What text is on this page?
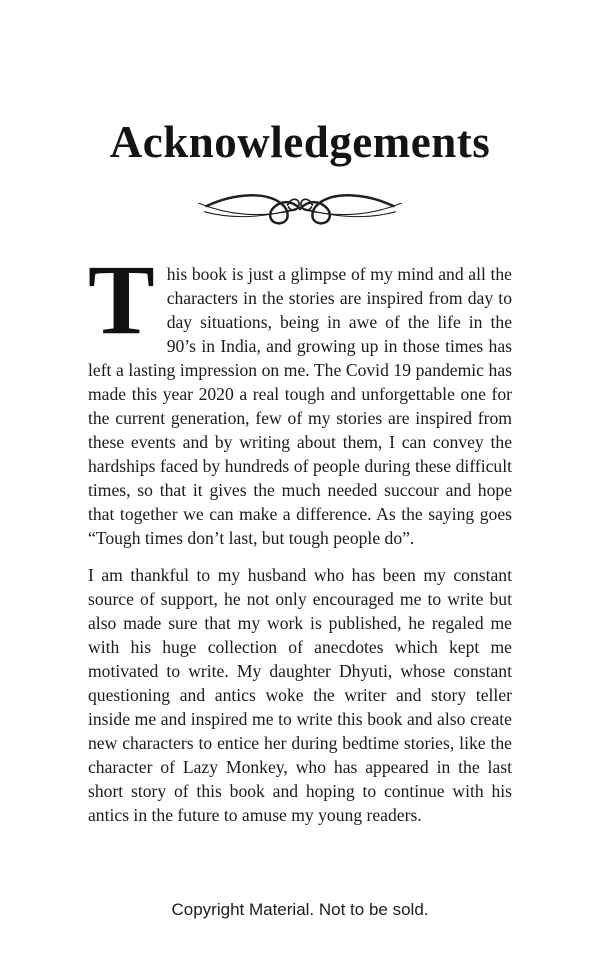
Acknowledgements

This book is just a glimpse of my mind and all the characters in the stories are inspired from day to day situations, being in awe of the life in the 90’s in India, and growing up in those times has left a lasting impression on me. The Covid 19 pandemic has made this year 2020 a real tough and unforgettable one for the current generation, few of my stories are inspired from these events and by writing about them, I can convey the hardships faced by hundreds of people during these difficult times, so that it gives the much needed succour and hope that together we can make a difference. As the saying goes “Tough times don’t last, but tough people do”.

I am thankful to my husband who has been my constant source of support, he not only encouraged me to write but also made sure that my work is published, he regaled me with his huge collection of anecdotes which kept me motivated to write. My daughter Dhyuti, whose constant questioning and antics woke the writer and story teller inside me and inspired me to write this book and also create new characters to entice her during bedtime stories, like the character of Lazy Monkey, who has appeared in the last short story of this book and hoping to continue with his antics in the future to amuse my young readers.

Copyright Material. Not to be sold.
